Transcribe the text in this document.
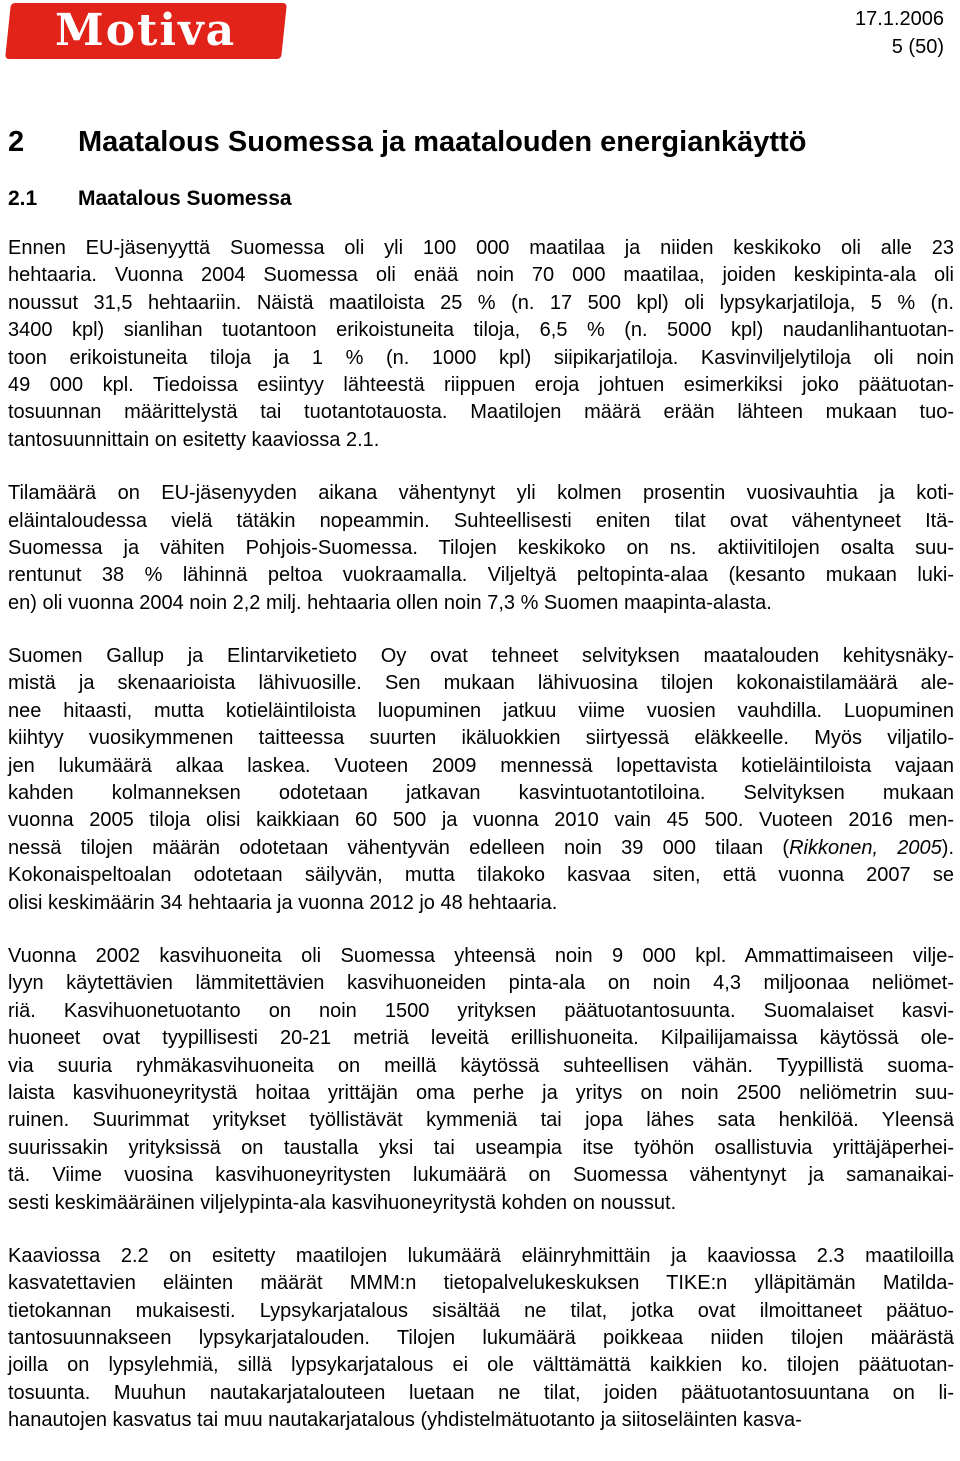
Motiva	17.1.2006
5 (50)
2 Maatalous Suomessa ja maatalouden energiankäyttö
2.1 Maatalous Suomessa
Ennen EU-jäsenyyttä Suomessa oli yli 100 000 maatilaa ja niiden keskikoko oli alle 23
hehtaaria. Vuonna 2004 Suomessa oli enää noin 70 000 maatilaa, joiden keskipinta-ala oli
noussut 31,5 hehtaariin. Näistä maatiloista 25 % (n. 17 500 kpl) oli lypsykarjatiloja, 5 % (n.
3400 kpl) sianlihan tuotantoon erikoistuneita tiloja, 6,5 % (n. 5000 kpl) naudanlihantuotan-
toon erikoistuneita tiloja ja 1 % (n. 1000 kpl) siipikarjatiloja. Kasvinviljelytiloja oli noin
49 000 kpl. Tiedoissa esiintyy lähteestä riippuen eroja johtuen esimerkiksi joko päätuotan-
tosuunnan määrittelystä tai tuotantotauosta. Maatilojen määrä erään lähteen mukaan tuo-
tantosuunnittain on esitetty kaaviossa 2.1.
Tilamäärä on EU-jäsenyyden aikana vähentynyt yli kolmen prosentin vuosivauhtia ja koti-
eläintaloudessa vielä tätäkin nopeammin. Suhteellisesti eniten tilat ovat vähentyneet Itä-
Suomessa ja vähiten Pohjois-Suomessa. Tilojen keskikoko on ns. aktiivitilojen osalta suu-
rentunut 38 % lähinnä peltoa vuokraamalla. Viljeltyä peltopinta-alaa (kesanto mukaan luki-
en) oli vuonna 2004 noin 2,2 milj. hehtaaria ollen noin 7,3 % Suomen maapinta-alasta.
Suomen Gallup ja Elintarviketieto Oy ovat tehneet selvityksen maatalouden kehitysnäky-
mistä ja skenaarioista lähivuosille. Sen mukaan lähivuosina tilojen kokonaistilamäärä ale-
nee hitaasti, mutta kotieläintiloista luopuminen jatkuu viime vuosien vauhdilla. Luopuminen
kiihtyy vuosikymmenen taitteessa suurten ikäluokkien siirtyessä eläkkeelle. Myös viljatilo-
jen lukumäärä alkaa laskea. Vuoteen 2009 mennessä lopettavista kotieläintiloista vajaan
kahden kolmanneksen odotetaan jatkavan kasvintuotantotiloina. Selvityksen mukaan
vuonna 2005 tiloja olisi kaikkiaan 60 500 ja vuonna 2010 vain 45 500. Vuoteen 2016 men-
nessä tilojen määrän odotetaan vähentyvän edelleen noin 39 000 tilaan (Rikkonen, 2005).
Kokonaispeltoalan odotetaan säilyvän, mutta tilakoko kasvaa siten, että vuonna 2007 se
olisi keskimäärin 34 hehtaaria ja vuonna 2012 jo 48 hehtaaria.
Vuonna 2002 kasvihuoneita oli Suomessa yhteensä noin 9 000 kpl. Ammattimaiseen vilje-
lyyn käytettävien lämmitettävien kasvihuoneiden pinta-ala on noin 4,3 miljoonaa neliömet-
riä. Kasvihuonetuotanto on noin 1500 yrityksen päätuotantosuunta. Suomalaiset kasvi-
huoneet ovat tyypillisesti 20-21 metriä leveitä erillishuoneita. Kilpailijamaissa käytössä ole-
via suuria ryhmäkasvihuoneita on meillä käytössä suhteellisen vähän. Tyypillistä suoma-
laista kasvihuoneyritystä hoitaa yrittäjän oma perhe ja yritys on noin 2500 neliömetrin suu-
ruinen. Suurimmat yritykset työllistävät kymmeniä tai jopa lähes sata henkilöä. Yleensä
suurissakin yrityksissä on taustalla yksi tai useampia itse työhön osallistuvia yrittäjäperhei-
tä. Viime vuosina kasvihuoneyritysten lukumäärä on Suomessa vähentynyt ja samanaikai-
sesti keskimääräinen viljelypinta-ala kasvihuoneyritystä kohden on noussut.
Kaaviossa 2.2 on esitetty maatilojen lukumäärä eläinryhmittäin ja kaaviossa 2.3 maatiloilla
kasvatettavien eläinten määrät MMM:n tietopalvelukeskuksen TIKE:n ylläpitämän Matilda-
tietokannan mukaisesti. Lypsykarjatalous sisältää ne tilat, jotka ovat ilmoittaneet päätuo-
tantosuunnakseen lypsykarjatalouden. Tilojen lukumäärä poikkeaa niiden tilojen määrästä
joilla on lypsylehmiä, sillä lypsykarjatalous ei ole välttämättä kaikkien ko. tilojen päätuotan-
tosuunta. Muuhun nautakarjatalouteen luetaan ne tilat, joiden päätuotantosuuntana on li-
hanautojen kasvatus tai muu nautakarjatalous (yhdistelmätuotanto ja siitoseläinten kasva-
